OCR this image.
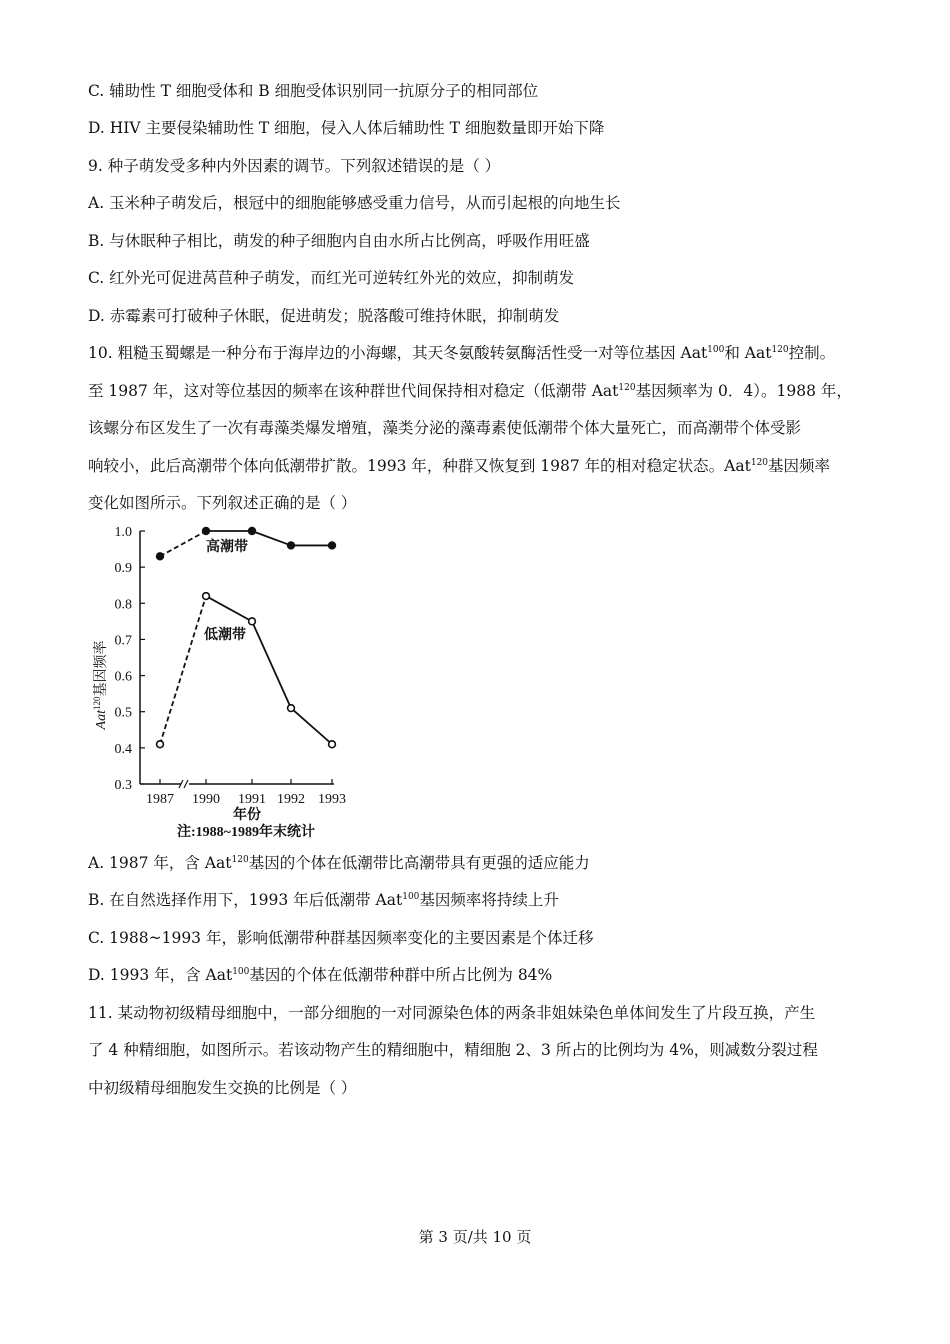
C. 辅助性 T 细胞受体和 B 细胞受体识别同一抗原分子的相同部位

D. HIV 主要侵染辅助性 T 细胞，侵入人体后辅助性 T 细胞数量即开始下降

9. 种子萌发受多种内外因素的调节。下列叙述错误的是（ ）

A. 玉米种子萌发后，根冠中的细胞能够感受重力信号，从而引起根的向地生长

B. 与休眠种子相比，萌发的种子细胞内自由水所占比例高，呼吸作用旺盛

C. 红外光可促进莴苣种子萌发，而红光可逆转红外光的效应，抑制萌发

D. 赤霉素可打破种子休眠，促进萌发；脱落酸可维持休眠，抑制萌发

10. 粗糙玉蜀螺是一种分布于海岸边的小海螺，其天冬氨酸转氨酶活性受一对等位基因 Aat$^{100}$和 Aat$^{120}$控制。

至 1987 年，这对等位基因的频率在该种群世代间保持相对稳定（低潮带 Aat$^{120}$基因频率为 0．4）。1988 年，

该螺分布区发生了一次有毒藻类爆发增殖，藻类分泌的藻毒素使低潮带个体大量死亡，而高潮带个体受影

响较小，此后高潮带个体向低潮带扩散。1993 年，种群又恢复到 1987 年的相对稳定状态。Aat$^{120}$基因频率

变化如图所示。下列叙述正确的是（ ）

0.3
0.4
0.5
0.6
0.7
0.8
0.9
1.0
1987 1990 1991 1992 1993
Aat$^{120}$基因频率
年份
注:1988~1989年末统计
高潮带
低潮带

A. 1987 年，含 Aat$^{120}$基因的个体在低潮带比高潮带具有更强的适应能力

B. 在自然选择作用下，1993 年后低潮带 Aat$^{100}$基因频率将持续上升

C. 1988~1993 年，影响低潮带种群基因频率变化的主要因素是个体迁移

D. 1993 年，含 Aat$^{100}$基因的个体在低潮带种群中所占比例为 84%

11. 某动物初级精母细胞中，一部分细胞的一对同源染色体的两条非姐妹染色单体间发生了片段互换，产生

了 4 种精细胞，如图所示。若该动物产生的精细胞中，精细胞 2、3 所占的比例均为 4%，则减数分裂过程

中初级精母细胞发生交换的比例是（ ）

第 3 页/共 10 页
